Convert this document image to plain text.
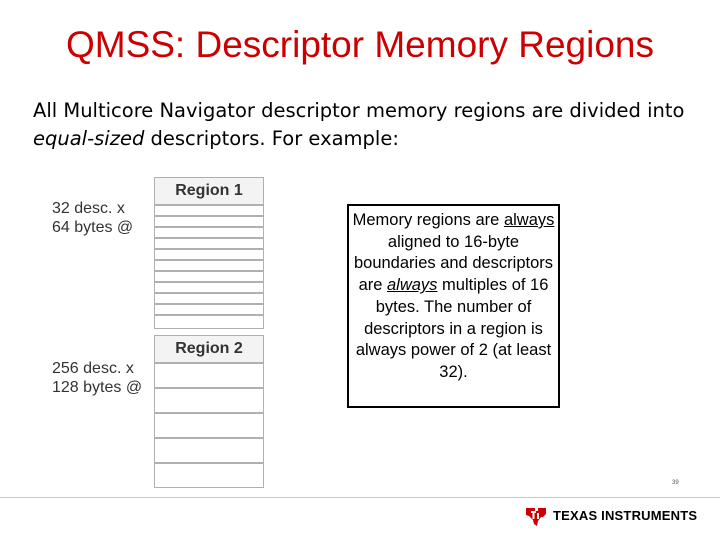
QMSS: Descriptor Memory Regions
All Multicore Navigator descriptor memory regions are divided into equal-sized descriptors. For example:
32 desc. x
64 bytes @
Region 1
256 desc. x
128 bytes @
Region 2
Memory regions are always aligned to 16-byte boundaries and descriptors are always multiples of 16 bytes. The number of descriptors in a region is always power of 2 (at least 32).
39
TEXAS INSTRUMENTS
